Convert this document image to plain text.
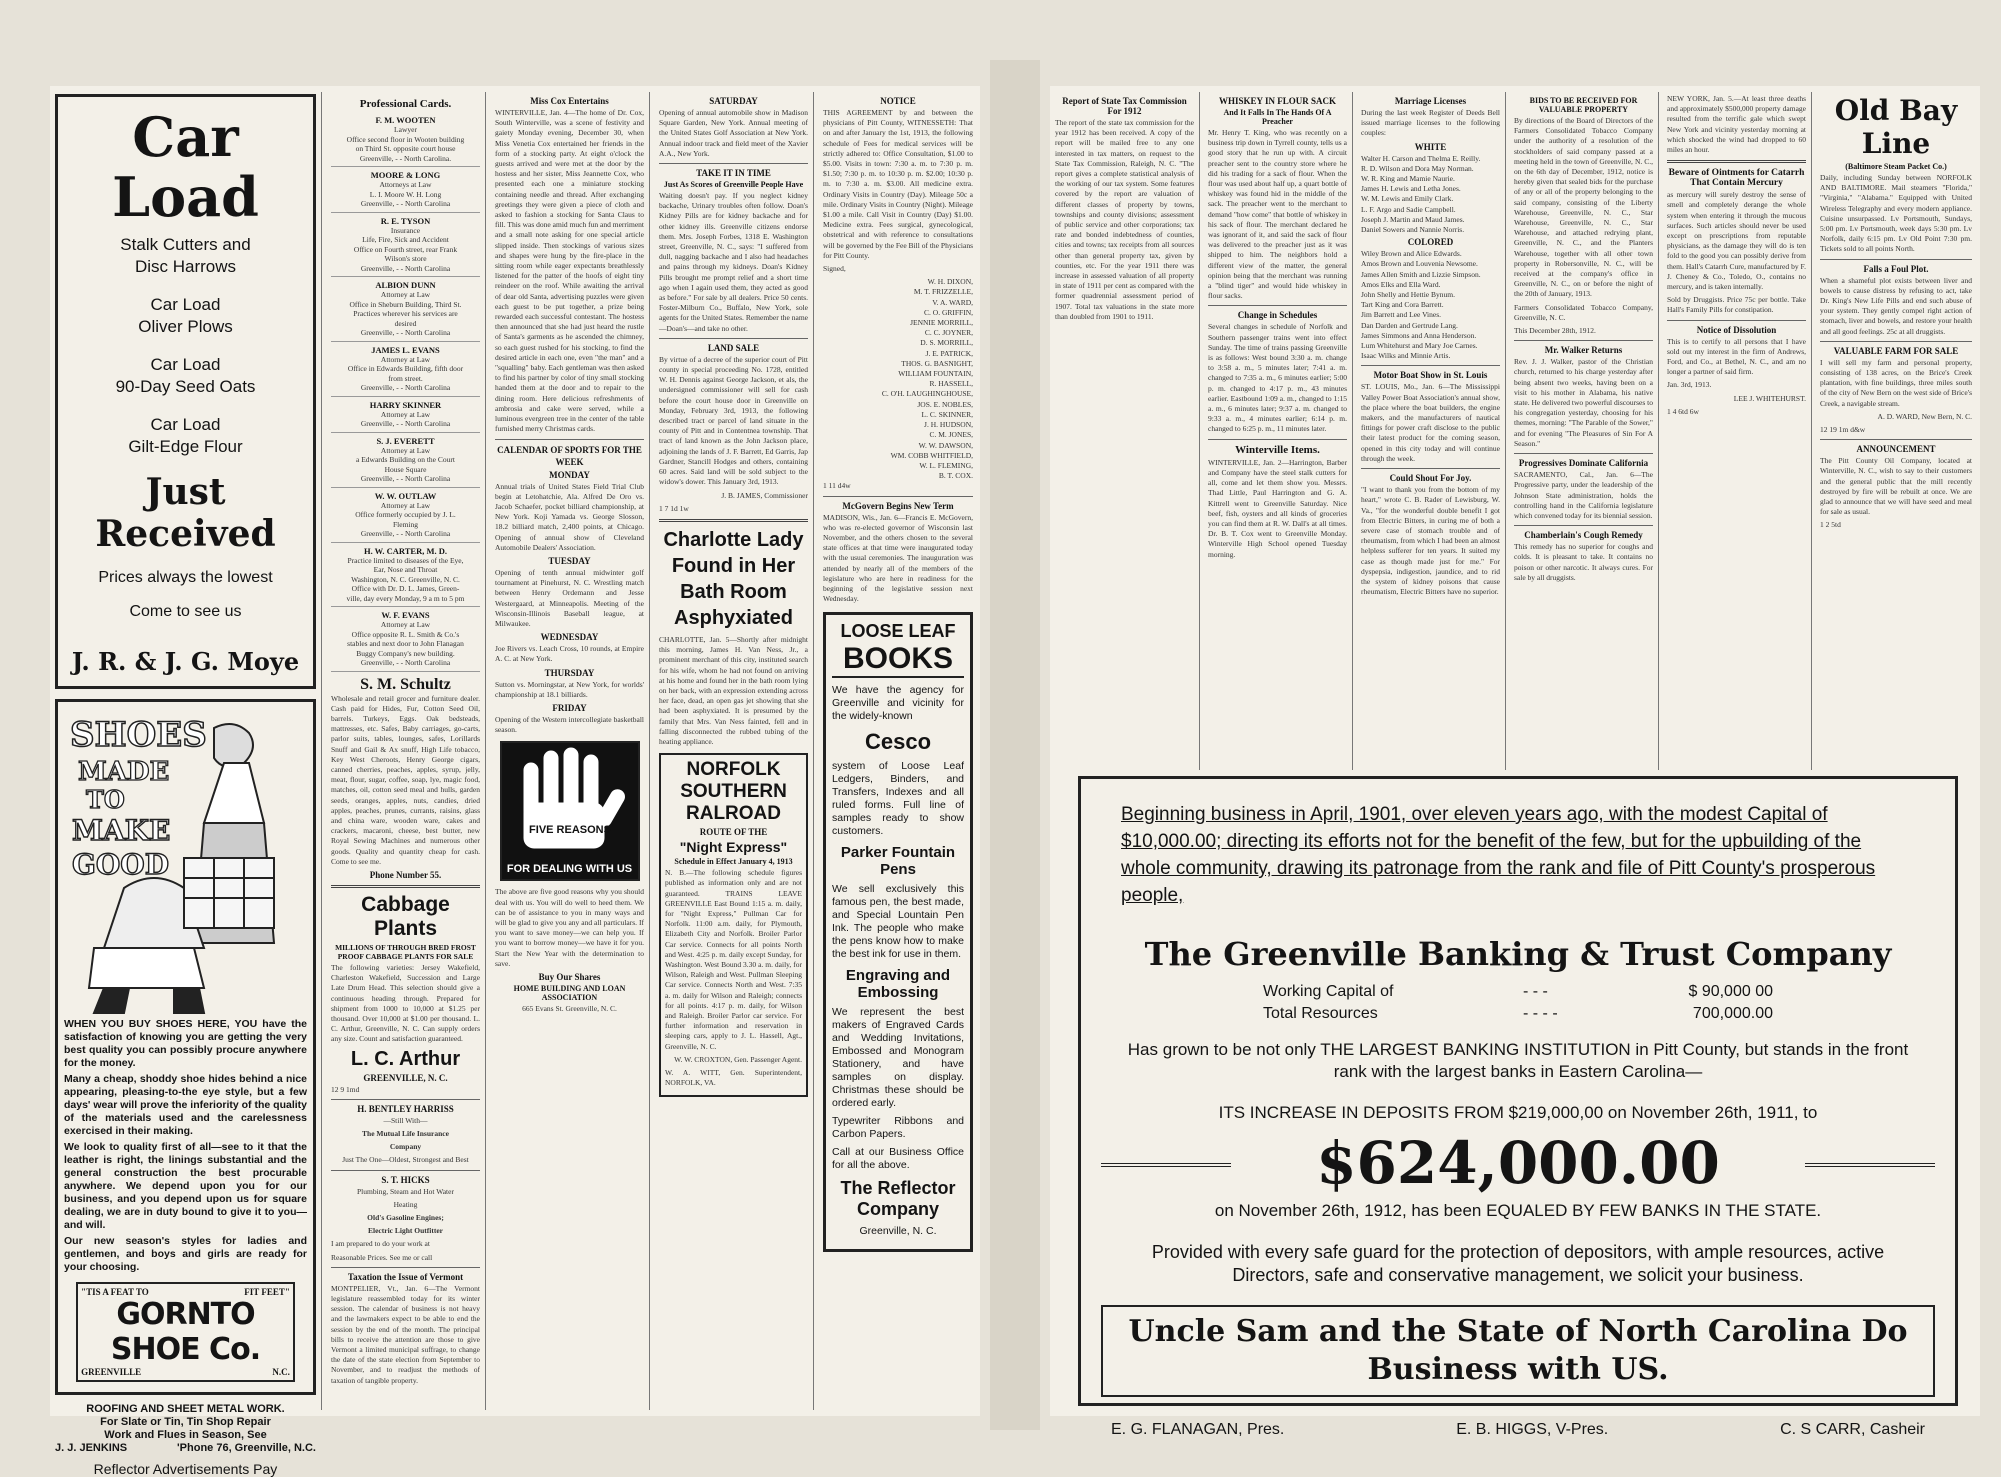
Car Load
Stalk Cutters and
Disc Harrows
Car Load
Oliver Plows
Car Load
90-Day Seed Oats
Car Load
Gilt-Edge Flour
Just Received
Prices always the lowest
Come to see us
J. R. & J. G. Moye
SHOES
MADE
TO
MAKE
GOOD

WHEN YOU BUY SHOES HERE, YOU have the satisfaction of knowing you are getting the very best quality you can possibly procure anywhere for the money.

Many a cheap, shoddy shoe hides behind a nice appearing, pleasing-to-the eye style, but a few days' wear will prove the inferiority of the quality of the materials used and the carelessness exercised in their making.

We look to quality first of all—see to it that the leather is right, the linings substantial and the general construction the best procurable anywhere. We depend upon you for our business, and you depend upon us for square dealing, we are in duty bound to give it to you—and will.

Our new season's styles for ladies and gentlemen, and boys and girls are ready for your choosing.

"TIS A FEAT TO	FIT FEET"
GORNTO SHOE Co.
GREENVILLE	N.C.
ROOFING AND SHEET METAL WORK.
For Slate or Tin, Tin Shop Repair
Work and Flues in Season, See
J. J. JENKINS	'Phone 76, Greenville, N.C.
Reflector Advertisements Pay
Professional Cards.
F. M. WOOTEN
Lawyer
Office second floor in Wooten building
on Third St. opposite court house
Greenville, - - North Carolina.
MOORE & LONG
Attorneys at Law
L. I. Moore W. H. Long
Greenville, - - North Carolina
R. E. TYSON
Insurance
Life, Fire, Sick and Accident
Office on Fourth street, rear Frank
Wilson's store
Greenville, - - North Carolina
ALBION DUNN
Attorney at Law
Office in Sheburn Building, Third St.
Practices wherever his services are
desired
Greenville, - - North Carolina
JAMES L. EVANS
Attorney at Law
Office in Edwards Building, fifth door
from street.
Greenville, - - North Carolina
HARRY SKINNER
Attorney at Law
Greenville, - - North Carolina
S. J. EVERETT
Attorney at Law
a Edwards Building on the Court
House Square
Greenville, - - North Carolina
W. W. OUTLAW
Attorney at Law
Office formerly occupied by J. L.
Fleming
Greenville, - - North Carolina
H. W. CARTER, M. D.
Practice limited to diseases of the Eye,
Ear, Nose and Throat
Washington, N. C. Greenville, N. C.
Office with Dr. D. L. James, Green-
ville, day every Monday, 9 a m to 5 pm
W. F. EVANS
Attorney at Law
Office opposite R. L. Smith & Co.'s
stables and next door to John Flanagan
Buggy Company's new building.
Greenville, - - North Carolina
S. M. Schultz
Wholesale and retail grocer and furniture dealer. Cash paid for Hides, Fur, Cotton Seed Oil, barrels. Turkeys, Eggs. Oak bedsteads, mattresses, etc. Safes, Baby carriages, go-carts, parlor suits, tables, lounges, safes, Lorillards Snuff and Gail & Ax snuff, High Life tobacco, Key West Cheroots, Henry George cigars, canned cherries, peaches, apples, syrup, jelly, meat, flour, sugar, coffee, soap, lye, magic food, matches, oil, cotton seed meal and hulls, garden seeds, oranges, apples, nuts, candies, dried apples, peaches, prunes, currants, raisins, glass and china ware, wooden ware, cakes and crackers, macaroni, cheese, best butter, new Royal Sewing Machines and numerous other goods. Quality and quantity cheap for cash. Come to see me.
Phone Number 55.
Cabbage Plants
MILLIONS OF THROUGH BRED FROST PROOF CABBAGE PLANTS FOR SALE
The following varieties: Jersey Wakefield, Charleston Wakefield, Succession and Large Late Drum Head. This selection should give a continuous heading through. Prepared for shipment from 1000 to 10,000 at $1.25 per thousand. Over 10,000 at $1.00 per thousand. L. C. Arthur, Greenville, N. C. Can supply orders any size. Count and satisfaction guaranteed.
L. C. Arthur
GREENVILLE, N. C.
12 9 1md
H. BENTLEY HARRISS
—Still With—
The Mutual Life Insurance
Company
Just The One—Oldest, Strongest and Best
S. T. HICKS
Plumbing, Steam and Hot Water
Heating
Old's Gasoline Engines;
Electric Light Outfitter
I am prepared to do your work at
Reasonable Prices. See me or call
Taxation the Issue of Vermont
MONTPELIER, Vt., Jan. 6—The Vermont legislature reassembled today for its winter session. The calendar of business is not heavy and the lawmakers expect to be able to end the session by the end of the month. The principal bills to receive the attention are those to give Vermont a limited municipal suffrage, to change the date of the state election from September to November, and to readjust the methods of taxation of tangible property.
Miss Cox Entertains
WINTERVILLE, Jan. 4—The home of Dr. Cox, South Winterville, was a scene of festivity and gaiety Monday evening, December 30, when Miss Venetia Cox entertained her friends in the form of a stocking party. At eight o'clock the guests arrived and were met at the door by the hostess and her sister, Miss Jeannette Cox, who presented each one a miniature stocking containing needle and thread. After exchanging greetings they were given a piece of cloth and asked to fashion a stocking for Santa Claus to fill. This was done amid much fun and merriment and a small note asking for one special article slipped inside. Then stockings of various sizes and shapes were hung by the fire-place in the sitting room while eager expectants breathlessly listened for the patter of the hoofs of eight tiny reindeer on the roof. While awaiting the arrival of dear old Santa, advertising puzzles were given each guest to be put together, a prize being rewarded each successful contestant. The hostess then announced that she had just heard the rustle of Santa's garments as he ascended the chimney, so each guest rushed for his stocking, to find the desired article in each one, even "the man" and a "squalling" baby. Each gentleman was then asked to find his partner by color of tiny small stocking handed them at the door and to repair to the dining room. Here delicious refreshments of ambrosia and cake were served, while a luminous evergreen tree in the center of the table furnished merry Christmas cards.
CALENDAR OF SPORTS FOR THE WEEK
MONDAY
Annual trials of United States Field Trial Club begin at Letohatchie, Ala. Alfred De Oro vs. Jacob Schaefer, pocket billiard championship, at New York. Koji Yamada vs. George Slosson, 18.2 billiard match, 2,400 points, at Chicago. Opening of annual show of Cleveland Automobile Dealers' Association.
TUESDAY
Opening of tenth annual midwinter golf tournament at Pinehurst, N. C. Wrestling match between Henry Ordemann and Jesse Westergaard, at Minneapolis. Meeting of the Wisconsin-Illinois Baseball league, at Milwaukee.
WEDNESDAY
Joe Rivers vs. Leach Cross, 10 rounds, at Empire A. C. at New York.
THURSDAY
Sutton vs. Morningstar, at New York, for worlds' championship at 18.1 billiards.
FRIDAY
Opening of the Western intercollegiate basketball season.
FIVE REASONS
FOR DEALING WITH US
The above are five good reasons why you should deal with us. You will do well to heed them. We can be of assistance to you in many ways and will be glad to give you any and all particulars. If you want to save money—we can help you. If you want to borrow money—we have it for you. Start the New Year with the determination to save.
Buy Our Shares
HOME BUILDING AND LOAN ASSOCIATION
665 Evans St. Greenville, N. C.
SATURDAY
Opening of annual automobile show in Madison Square Garden, New York. Annual meeting of the United States Golf Association at New York. Annual indoor track and field meet of the Xavier A.A., New York.
TAKE IT IN TIME
Just As Scores of Greenville People Have
Waiting doesn't pay. If you neglect kidney backache, Urinary troubles often follow. Doan's Kidney Pills are for kidney backache and for other kidney ills. Greenville citizens endorse them. Mrs. Joseph Forbes, 1318 E. Washington street, Greenville, N. C., says: "I suffered from dull, nagging backache and I also had headaches and pains through my kidneys. Doan's Kidney Pills brought me prompt relief and a short time ago when I again used them, they acted as good as before." For sale by all dealers. Price 50 cents. Foster-Milburn Co., Buffalo, New York, sole agents for the United States. Remember the name—Doan's—and take no other.
LAND SALE
By virtue of a decree of the superior court of Pitt county in special proceeding No. 1728, entitled W. H. Dennis against George Jackson, et als, the undersigned commissioner will sell for cash before the court house door in Greenville on Monday, February 3rd, 1913, the following described tract or parcel of land situate in the county of Pitt and in Contentnea township. That tract of land known as the John Jackson place, adjoining the lands of J. F. Barrett, Ed Garris, Jap Gardner, Stancill Hodges and others, containing 60 acres. Said land will be sold subject to the widow's dower. This January 3rd, 1913.
J. B. JAMES, Commissioner
1 7 1d 1w
Charlotte Lady Found in Her Bath Room Asphyxiated
CHARLOTTE, Jan. 5—Shortly after midnight this morning, James H. Van Ness, Jr., a prominent merchant of this city, instituted search for his wife, whom he had not found on arriving at his home and found her in the bath room lying on her back, with an expression extending across her face, dead, an open gas jet showing that she had been asphyxiated. It is presumed by the family that Mrs. Van Ness fainted, fell and in falling disconnected the rubbed tubing of the heating appliance.
NORFOLK SOUTHERN
RALROAD
ROUTE OF THE
"Night Express"
Schedule in Effect January 4, 1913
N. B.—The following schedule figures published as information only and are not guaranteed. TRAINS LEAVE GREENVILLE East Bound 1:15 a. m. daily, for "Night Express," Pullman Car for Norfolk. 11:00 a.m. daily, for Plymouth, Elizabeth City and Norfolk. Broiler Parlor Car service. Connects for all points North and West. 4:25 p. m. daily except Sunday, for Washington. West Bound 3.30 a. m. daily, for Wilson, Raleigh and West. Pullman Sleeping Car service. Connects North and West. 7:35 a. m. daily for Wilson and Raleigh; connects for all points. 4:17 p. m. daily, for Wilson and Raleigh. Broiler Parlor car service. For further information and reservation in sleeping cars, apply to J. L. Hassell, Agt., Greenville, N. C.
W. W. CROXTON, Gen. Passenger Agent.
W. A. WITT, Gen. Superintendent, NORFOLK, VA.
NOTICE
THIS AGREEMENT by and between the physicians of Pitt County, WITNESSETH: That on and after January the 1st, 1913, the following schedule of Fees for medical services will be strictly adhered to: Office Consultation, $1.00 to $5.00. Visits in town: 7:30 a. m. to 7:30 p. m. $1.50; 7:30 p. m. to 10:30 p. m. $2.00; 10:30 p. m. to 7:30 a. m. $3.00. All medicine extra. Ordinary Visits in Country (Day). Mileage 50c a mile. Ordinary Visits in Country (Night). Mileage $1.00 a mile. Call Visit in Country (Day) $1.00. Medicine extra. Fees surgical, gynecological, obstetrical and with reference to consultations will be governed by the Fee Bill of the Physicians for Pitt County.
Signed,
W. H. DIXON,
M. T. FRIZZELLE,
V. A. WARD,
C. O. GRIFFIN,
JENNIE MORRILL,
C. C. JOYNER,
D. S. MORRILL,
J. E. PATRICK,
THOS. G. BASNIGHT,
WILLIAM FOUNTAIN,
R. HASSELL,
C. O'H. LAUGHINGHOUSE,
JOS. E. NOBLES,
L. C. SKINNER,
J. H. HUDSON,
C. M. JONES,
W. W. DAWSON,
WM. COBB WHITFIELD,
W. L. FLEMING,
B. T. COX.
1 11 d4w
McGovern Begins New Term
MADISON, Wis., Jan. 6—Francis E. McGovern, who was re-elected governor of Wisconsin last November, and the others chosen to the several state offices at that time were inaugurated today with the usual ceremonies. The inauguration was attended by nearly all of the members of the legislature who are here in readiness for the beginning of the legislative session next Wednesday.
LOOSE LEAF
BOOKS
We have the agency for Greenville and vicinity for the widely-known
Cesco
system of Loose Leaf Ledgers, Binders, and Transfers, Indexes and all ruled forms. Full line of samples ready to show customers.
Parker Fountain Pens
We sell exclusively this famous pen, the best made, and Special Lountain Pen Ink. The people who make the pens know how to make the best ink for use in them.
Engraving and Embossing
We represent the best makers of Engraved Cards and Wedding Invitations, Embossed and Monogram Stationery, and have samples on display. Christmas these should be ordered early.
Typewriter Ribbons and Carbon Papers.
Call at our Business Office for all the above.
The Reflector Company
Greenville, N. C.
Report of State Tax Commission For 1912
The report of the state tax commission for the year 1912 has been received. A copy of the report will be mailed free to any one interested in tax matters, on request to the State Tax Commission, Raleigh, N. C. "The report gives a complete statistical analysis of the working of our tax system. Some features covered by the report are valuation of different classes of property by towns, townships and county divisions; assessment of public service and other corporations; tax rate and bonded indebtedness of counties, cities and towns; tax receipts from all sources other than general property tax, given by counties, etc. For the year 1911 there was increase in assessed valuation of all property in state of 1911 per cent as compared with the former quadrennial assessment period of 1907. Total tax valuations in the state more than doubled from 1901 to 1911.
WHISKEY IN FLOUR SACK
And It Falls In The Hands Of A Preacher
Mr. Henry T. King, who was recently on a business trip down in Tyrrell county, tells us a good story that he run up with. A circuit preacher sent to the country store where he did his trading for a sack of flour. When the flour was used about half up, a quart bottle of whiskey was found hid in the middle of the sack. The preacher went to the merchant to demand "how come" that bottle of whiskey in his sack of flour. The merchant declared he was ignorant of it, and said the sack of flour was delivered to the preacher just as it was shipped to him. The neighbors hold a different view of the matter, the general opinion being that the merchant was running a "blind tiger" and would hide whiskey in flour sacks.
Change in Schedules
Several changes in schedule of Norfolk and Southern passenger trains went into effect Sunday. The time of trains passing Greenville is as follows: West bound 3:30 a. m. change to 3:58 a. m., 5 minutes later; 7:41 a. m. changed to 7:35 a. m., 6 minutes earlier; 5:00 p. m. changed to 4:17 p. m., 43 minutes earlier. Eastbound 1:09 a. m., changed to 1:15 a. m., 6 minutes later; 9:37 a. m. changed to 9:33 a. m., 4 minutes earlier; 6:14 p. m. changed to 6:25 p. m., 11 minutes later.
Winterville Items.
WINTERVILLE, Jan. 2—Harrington, Barber and Company have the steel stalk cutters for all, come and let them show you. Messrs. Thad Little, Paul Harrington and G. A. Kittrell went to Greenville Saturday. Nice beef, fish, oysters and all kinds of groceries you can find them at R. W. Dall's at all times. Dr. B. T. Cox went to Greenville Monday. Winterville High School opened Tuesday morning.
Marriage Licenses
During the last week Register of Deeds Bell issued marriage licenses to the following couples:
WHITE
Walter H. Carson and Thelma E. Reilly.
R. D. Wilson and Dora May Norman.
W. R. King and Mamie Naurie.
James H. Lewis and Letha Jones.
W. M. Lewis and Emily Clark.
L. F. Argo and Sadie Campbell.
Joseph J. Martin and Maud James.
Daniel Sowers and Nannie Norris.
COLORED
Wiley Brown and Alice Edwards.
Amos Brown and Louvenia Newsome.
James Allen Smith and Lizzie Simpson.
Amos Elks and Ella Ward.
John Shelly and Hettie Bynum.
Tart King and Cora Barrett.
Jim Barrett and Lee Vines.
Dan Darden and Gertrude Lang.
James Simmons and Anna Henderson.
Lum Whitehurst and Mary Joe Carnes.
Isaac Wilks and Minnie Artis.
Motor Boat Show in St. Louis
ST. LOUIS, Mo., Jan. 6—The Mississippi Valley Power Boat Association's annual show, the place where the boat builders, the engine makers, and the manufacturers of nautical fittings for power craft disclose to the public their latest product for the coming season, opened in this city today and will continue through the week.
Could Shout For Joy.
"I want to thank you from the bottom of my heart," wrote C. B. Rader of Lewisburg, W. Va., "for the wonderful double benefit I got from Electric Bitters, in curing me of both a severe case of stomach trouble and of rheumatism, from which I had been an almost helpless sufferer for ten years. It suited my case as though made just for me." For dyspepsia, indigestion, jaundice, and to rid the system of kidney poisons that cause rheumatism, Electric Bitters have no superior.
BIDS TO BE RECEIVED FOR VALUABLE PROPERTY
By directions of the Board of Directors of the Farmers Consolidated Tobacco Company under the authority of a resolution of the stockholders of said company passed at a meeting held in the town of Greenville, N. C., on the 6th day of December, 1912, notice is hereby given that sealed bids for the purchase of any or all of the property belonging to the said company, consisting of the Liberty Warehouse, Greenville, N. C., Star Warehouse, Greenville, N. C., Star Warehouse, and attached redrying plant, Greenville, N. C., and the Planters Warehouse, together with all other town property in Robersonville, N. C., will be received at the company's office in Greenville, N. C., on or before the night of the 20th of January, 1913.
Farmers Consolidated Tobacco Company, Greenville, N. C.
This December 28th, 1912.
Mr. Walker Returns
Rev. J. J. Walker, pastor of the Christian church, returned to his charge yesterday after being absent two weeks, having been on a visit to his mother in Alabama, his native state. He delivered two powerful discourses to his congregation yesterday, choosing for his themes, morning: "The Parable of the Sower," and for evening "The Pleasures of Sin For A Season."
Progressives Dominate California
SACRAMENTO, Cal., Jan. 6—The Progressive party, under the leadership of the Johnson State administration, holds the controlling hand in the California legislature which convened today for its biennial session.
Chamberlain's Cough Remedy
This remedy has no superior for coughs and colds. It is pleasant to take. It contains no poison or other narcotic. It always cures. For sale by all druggists.
NEW YORK, Jan. 5.—At least three deaths and approximately $500,000 property damage resulted from the terrific gale which swept New York and vicinity yesterday morning at which shocked the wind had dropped to 60 miles an hour.
Beware of Ointments for Catarrh That Contain Mercury
as mercury will surely destroy the sense of smell and completely derange the whole system when entering it through the mucous surfaces. Such articles should never be used except on prescriptions from reputable physicians, as the damage they will do is ten fold to the good you can possibly derive from them. Hall's Catarrh Cure, manufactured by F. J. Cheney & Co., Toledo, O., contains no mercury, and is taken internally.
Sold by Druggists. Price 75c per bottle. Take Hall's Family Pills for constipation.
Notice of Dissolution
This is to certify to all persons that I have sold out my interest in the firm of Andrews, Ford, and Co., at Bethel, N. C., and am no longer a partner of said firm.
Jan. 3rd, 1913.
LEE J. WHITEHURST.
1 4 6td 6w
Old Bay Line
(Baltimore Steam Packet Co.)
Daily, including Sunday between NORFOLK AND BALTIMORE. Mail steamers "Florida," "Virginia," "Alabama." Equipped with United Wireless Telegraphy and every modern appliance. Cuisine unsurpassed. Lv Portsmouth, Sundays, 5:00 pm. Lv Portsmouth, week days 5:30 pm. Lv Norfolk, daily 6:15 pm. Lv Old Point 7:30 pm. Tickets sold to all points North.
Falls a Foul Plot.
When a shameful plot exists between liver and bowels to cause distress by refusing to act, take Dr. King's New Life Pills and end such abuse of your system. They gently compel right action of stomach, liver and bowels, and restore your health and all good feelings. 25c at all druggists.
VALUABLE FARM FOR SALE
I will sell my farm and personal property, consisting of 138 acres, on the Brice's Creek plantation, with fine buildings, three miles south of the city of New Bern on the west side of Brice's Creek, a navigable stream.
A. D. WARD, New Bern, N. C.
12 19 1m d&w
ANNOUNCEMENT
The Pitt County Oil Company, located at Winterville, N. C., wish to say to their customers and the general public that the mill recently destroyed by fire will be rebuilt at once. We are glad to announce that we will have seed and meal for sale as usual.
1 2 5td
Beginning business in April, 1901, over eleven years ago, with the modest Capital of $10,000.00; directing its efforts not for the benefit of the few, but for the upbuilding of the whole community, drawing its patronage from the rank and file of Pitt County's prosperous people,
The Greenville Banking & Trust Company
Working Capital of	- - -	$ 90,000 00
Total Resources	- - - -	700,000.00
Has grown to be not only THE LARGEST BANKING INSTITUTION in Pitt County, but stands in the front rank with the largest banks in Eastern Carolina—
ITS INCREASE IN DEPOSITS FROM $219,000,00 on November 26th, 1911, to
$624,000.00
on November 26th, 1912, has been EQUALED BY FEW BANKS IN THE STATE.
Provided with every safe guard for the protection of depositors, with ample resources, active Directors, safe and conservative management, we solicit your business.
Uncle Sam and the State of North Carolina Do Business with US.
E. G. FLANAGAN, Pres.	E. B. HIGGS, V-Pres.	C. S CARR, Casheir
